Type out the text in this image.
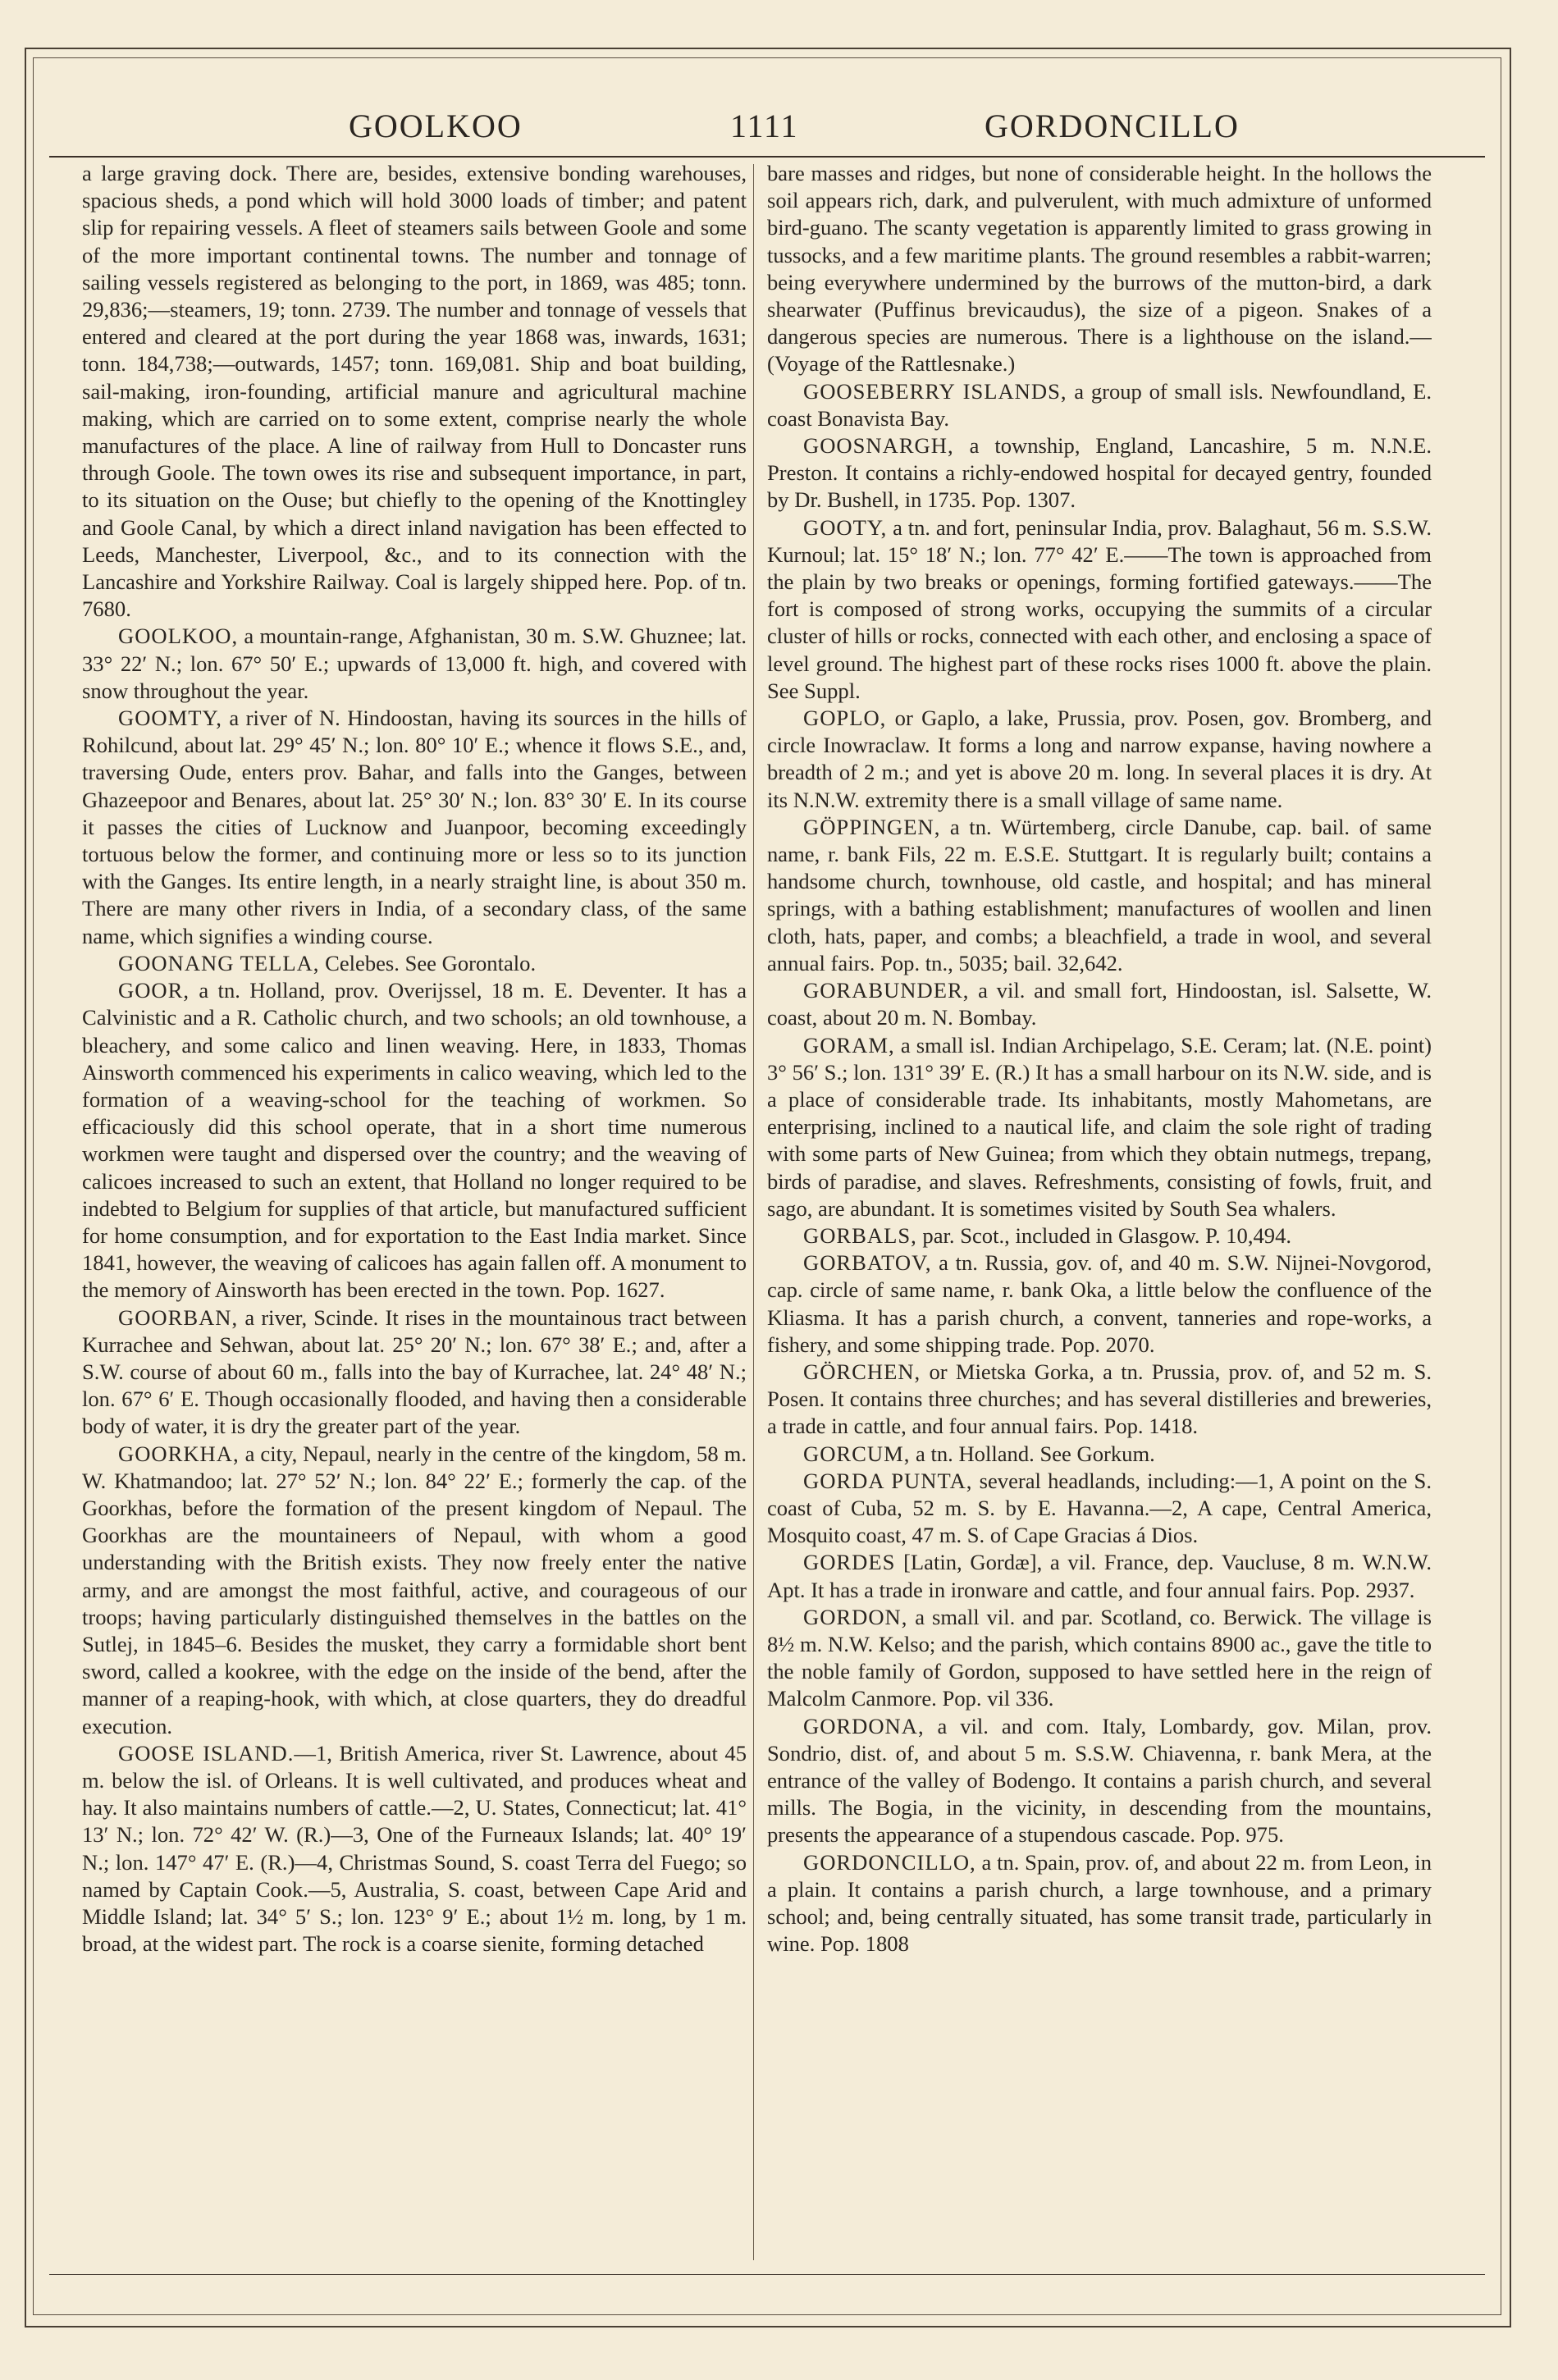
GOOLKOO	1111	GORDONCILLO

a large graving dock. There are, besides, extensive bonding warehouses, spacious sheds, a pond which will hold 3000 loads of timber; and patent slip for repairing vessels. A fleet of steamers sails between Goole and some of the more important continental towns. The number and tonnage of sailing vessels registered as belonging to the port, in 1869, was 485; tonn. 29,836;—steamers, 19; tonn. 2739. The number and tonnage of vessels that entered and cleared at the port during the year 1868 was, inwards, 1631; tonn. 184,738;—outwards, 1457; tonn. 169,081. Ship and boat building, sail-making, iron-founding, artificial manure and agricultural machine making, which are carried on to some extent, comprise nearly the whole manufactures of the place. A line of railway from Hull to Doncaster runs through Goole. The town owes its rise and subsequent importance, in part, to its situation on the Ouse; but chiefly to the opening of the Knottingley and Goole Canal, by which a direct inland navigation has been effected to Leeds, Manchester, Liverpool, &c., and to its connection with the Lancashire and Yorkshire Railway. Coal is largely shipped here. Pop. of tn. 7680.

GOOLKOO, a mountain-range, Afghanistan, 30 m. S.W. Ghuznee; lat. 33° 22′ N.; lon. 67° 50′ E.; upwards of 13,000 ft. high, and covered with snow throughout the year.

GOOMTY, a river of N. Hindoostan, having its sources in the hills of Rohilcund, about lat. 29° 45′ N.; lon. 80° 10′ E.; whence it flows S.E., and, traversing Oude, enters prov. Bahar, and falls into the Ganges, between Ghazeepoor and Benares, about lat. 25° 30′ N.; lon. 83° 30′ E. In its course it passes the cities of Lucknow and Juanpoor, becoming exceedingly tortuous below the former, and continuing more or less so to its junction with the Ganges. Its entire length, in a nearly straight line, is about 350 m. There are many other rivers in India, of a secondary class, of the same name, which signifies a winding course.

GOONANG TELLA, Celebes. See Gorontalo.

GOOR, a tn. Holland, prov. Overijssel, 18 m. E. Deventer. It has a Calvinistic and a R. Catholic church, and two schools; an old townhouse, a bleachery, and some calico and linen weaving. Here, in 1833, Thomas Ainsworth commenced his experiments in calico weaving, which led to the formation of a weaving-school for the teaching of workmen. So efficaciously did this school operate, that in a short time numerous workmen were taught and dispersed over the country; and the weaving of calicoes increased to such an extent, that Holland no longer required to be indebted to Belgium for supplies of that article, but manufactured sufficient for home consumption, and for exportation to the East India market. Since 1841, however, the weaving of calicoes has again fallen off. A monument to the memory of Ainsworth has been erected in the town. Pop. 1627.

GOORBAN, a river, Scinde. It rises in the mountainous tract between Kurrachee and Sehwan, about lat. 25° 20′ N.; lon. 67° 38′ E.; and, after a S.W. course of about 60 m., falls into the bay of Kurrachee, lat. 24° 48′ N.; lon. 67° 6′ E. Though occasionally flooded, and having then a considerable body of water, it is dry the greater part of the year.

GOORKHA, a city, Nepaul, nearly in the centre of the kingdom, 58 m. W. Khatmandoo; lat. 27° 52′ N.; lon. 84° 22′ E.; formerly the cap. of the Goorkhas, before the formation of the present kingdom of Nepaul. The Goorkhas are the mountaineers of Nepaul, with whom a good understanding with the British exists. They now freely enter the native army, and are amongst the most faithful, active, and courageous of our troops; having particularly distinguished themselves in the battles on the Sutlej, in 1845–6. Besides the musket, they carry a formidable short bent sword, called a kookree, with the edge on the inside of the bend, after the manner of a reaping-hook, with which, at close quarters, they do dreadful execution.

GOOSE ISLAND.—1, British America, river St. Lawrence, about 45 m. below the isl. of Orleans. It is well cultivated, and produces wheat and hay. It also maintains numbers of cattle.—2, U. States, Connecticut; lat. 41° 13′ N.; lon. 72° 42′ W. (R.)—3, One of the Furneaux Islands; lat. 40° 19′ N.; lon. 147° 47′ E. (R.)—4, Christmas Sound, S. coast Terra del Fuego; so named by Captain Cook.—5, Australia, S. coast, between Cape Arid and Middle Island; lat. 34° 5′ S.; lon. 123° 9′ E.; about 1½ m. long, by 1 m. broad, at the widest part. The rock is a coarse sienite, forming detached

bare masses and ridges, but none of considerable height. In the hollows the soil appears rich, dark, and pulverulent, with much admixture of unformed bird-guano. The scanty vegetation is apparently limited to grass growing in tussocks, and a few maritime plants. The ground resembles a rabbit-warren; being everywhere undermined by the burrows of the mutton-bird, a dark shearwater (Puffinus brevicaudus), the size of a pigeon. Snakes of a dangerous species are numerous. There is a lighthouse on the island.—(Voyage of the Rattlesnake.)

GOOSEBERRY ISLANDS, a group of small isls. Newfoundland, E. coast Bonavista Bay.

GOOSNARGH, a township, England, Lancashire, 5 m. N.N.E. Preston. It contains a richly-endowed hospital for decayed gentry, founded by Dr. Bushell, in 1735. Pop. 1307.

GOOTY, a tn. and fort, peninsular India, prov. Balaghaut, 56 m. S.S.W. Kurnoul; lat. 15° 18′ N.; lon. 77° 42′ E.——The town is approached from the plain by two breaks or openings, forming fortified gateways.——The fort is composed of strong works, occupying the summits of a circular cluster of hills or rocks, connected with each other, and enclosing a space of level ground. The highest part of these rocks rises 1000 ft. above the plain. See Suppl.

GOPLO, or Gaplo, a lake, Prussia, prov. Posen, gov. Bromberg, and circle Inowraclaw. It forms a long and narrow expanse, having nowhere a breadth of 2 m.; and yet is above 20 m. long. In several places it is dry. At its N.N.W. extremity there is a small village of same name.

GÖPPINGEN, a tn. Würtemberg, circle Danube, cap. bail. of same name, r. bank Fils, 22 m. E.S.E. Stuttgart. It is regularly built; contains a handsome church, townhouse, old castle, and hospital; and has mineral springs, with a bathing establishment; manufactures of woollen and linen cloth, hats, paper, and combs; a bleachfield, a trade in wool, and several annual fairs. Pop. tn., 5035; bail. 32,642.

GORABUNDER, a vil. and small fort, Hindoostan, isl. Salsette, W. coast, about 20 m. N. Bombay.

GORAM, a small isl. Indian Archipelago, S.E. Ceram; lat. (N.E. point) 3° 56′ S.; lon. 131° 39′ E. (R.) It has a small harbour on its N.W. side, and is a place of considerable trade. Its inhabitants, mostly Mahometans, are enterprising, inclined to a nautical life, and claim the sole right of trading with some parts of New Guinea; from which they obtain nutmegs, trepang, birds of paradise, and slaves. Refreshments, consisting of fowls, fruit, and sago, are abundant. It is sometimes visited by South Sea whalers.

GORBALS, par. Scot., included in Glasgow. P. 10,494.

GORBATOV, a tn. Russia, gov. of, and 40 m. S.W. Nijnei-Novgorod, cap. circle of same name, r. bank Oka, a little below the confluence of the Kliasma. It has a parish church, a convent, tanneries and rope-works, a fishery, and some shipping trade. Pop. 2070.

GÖRCHEN, or Mietska Gorka, a tn. Prussia, prov. of, and 52 m. S. Posen. It contains three churches; and has several distilleries and breweries, a trade in cattle, and four annual fairs. Pop. 1418.

GORCUM, a tn. Holland. See Gorkum.

GORDA PUNTA, several headlands, including:—1, A point on the S. coast of Cuba, 52 m. S. by E. Havanna.—2, A cape, Central America, Mosquito coast, 47 m. S. of Cape Gracias á Dios.

GORDES [Latin, Gordæ], a vil. France, dep. Vaucluse, 8 m. W.N.W. Apt. It has a trade in ironware and cattle, and four annual fairs. Pop. 2937.

GORDON, a small vil. and par. Scotland, co. Berwick. The village is 8½ m. N.W. Kelso; and the parish, which contains 8900 ac., gave the title to the noble family of Gordon, supposed to have settled here in the reign of Malcolm Canmore. Pop. vil 336.

GORDONA, a vil. and com. Italy, Lombardy, gov. Milan, prov. Sondrio, dist. of, and about 5 m. S.S.W. Chiavenna, r. bank Mera, at the entrance of the valley of Bodengo. It contains a parish church, and several mills. The Bogia, in the vicinity, in descending from the mountains, presents the appearance of a stupendous cascade. Pop. 975.

GORDONCILLO, a tn. Spain, prov. of, and about 22 m. from Leon, in a plain. It contains a parish church, a large townhouse, and a primary school; and, being centrally situated, has some transit trade, particularly in wine. Pop. 1808
